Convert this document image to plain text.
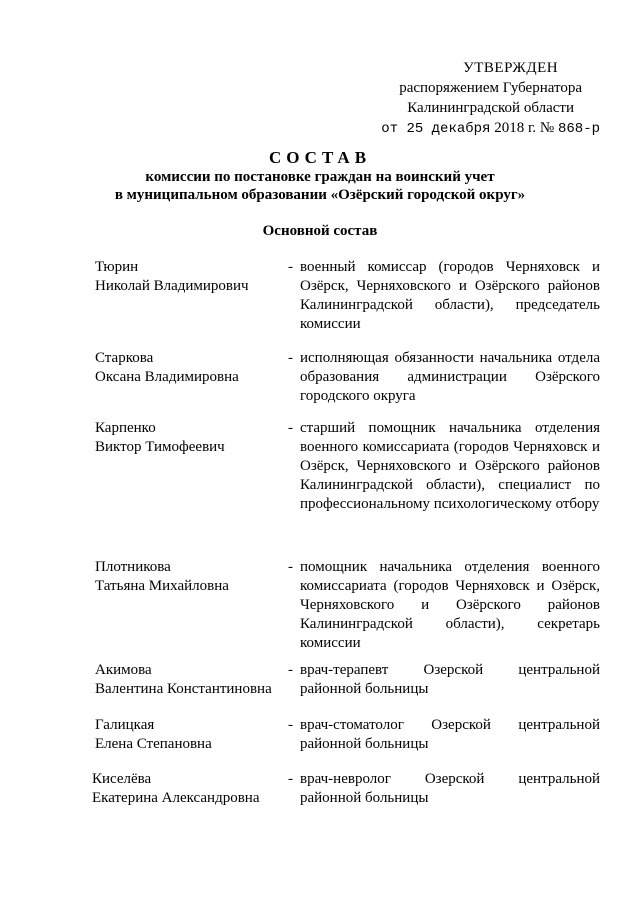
УТВЕРЖДЕН
распоряжением Губернатора
Калининградской области
от 25 декабря 2018 г. № 868-р
СОСТАВ
комиссии по постановке граждан на воинский учет
в муниципальном образовании «Озёрский городской округ»
Основной состав
Тюрин
Николай Владимирович
- военный комиссар (городов Черняховск и Озёрск, Черняховского и Озёрского районов Калининградской области), председатель комиссии
Старкова
Оксана Владимировна
- исполняющая обязанности начальника отдела образования администрации Озёрского городского округа
Карпенко
Виктор Тимофеевич
- старший помощник начальника отделения военного комиссариата (городов Черняховск и Озёрск, Черняховского и Озёрского районов Калининградской области), специалист по профессиональному психологическому отбору
Плотникова
Татьяна Михайловна
- помощник начальника отделения военного комиссариата (городов Черняховск и Озёрск, Черняховского и Озёрского районов Калининградской области), секретарь комиссии
Акимова
Валентина Константиновна
- врач-терапевт Озерской центральной районной больницы
Галицкая
Елена Степановна
- врач-стоматолог Озерской центральной районной больницы
Киселёва
Екатерина Александровна
- врач-невролог Озерской центральной районной больницы
